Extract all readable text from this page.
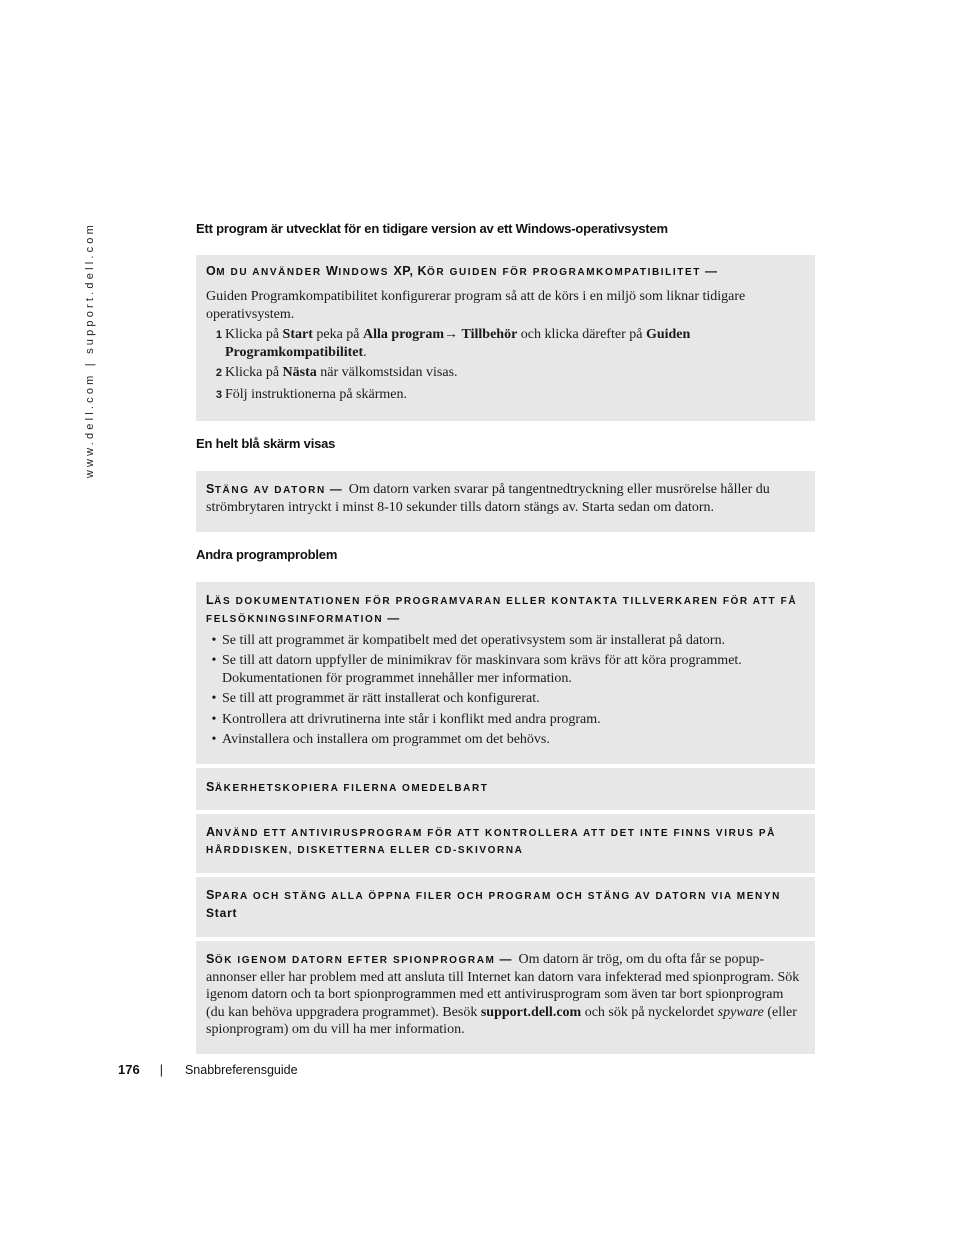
www.dell.com | support.dell.com	Ett program är utvecklat för en tidigare version av ett Windows-operativsystem
OM DU ANVÄNDER WINDOWS XP, KÖR GUIDEN FÖR PROGRAMKOMPATIBILITET —
Guiden Programkompatibilitet konfigurerar program så att de körs i en miljö som liknar tidigare operativsystem.
1 Klicka på Start peka på Alla program→ Tillbehör och klicka därefter på Guiden Programkompatibilitet.
2 Klicka på Nästa när välkomstsidan visas.
3 Följ instruktionerna på skärmen.
En helt blå skärm visas
STÄNG AV DATORN — Om datorn varken svarar på tangentnedtryckning eller musrörelse håller du strömbrytaren intryckt i minst 8-10 sekunder tills datorn stängs av. Starta sedan om datorn.
Andra programproblem
LÄS DOKUMENTATIONEN FÖR PROGRAMVARAN ELLER KONTAKTA TILLVERKAREN FÖR ATT FÅ FELSÖKNINGSINFORMATION —
• Se till att programmet är kompatibelt med det operativsystem som är installerat på datorn.
• Se till att datorn uppfyller de minimikrav för maskinvara som krävs för att köra programmet. Dokumentationen för programmet innehåller mer information.
• Se till att programmet är rätt installerat och konfigurerat.
• Kontrollera att drivrutinerna inte står i konflikt med andra program.
• Avinstallera och installera om programmet om det behövs.
SÄKERHETSKOPIERA FILERNA OMEDELBART
ANVÄND ETT ANTIVIRUSPROGRAM FÖR ATT KONTROLLERA ATT DET INTE FINNS VIRUS PÅ HÅRDDISKEN, DISKETTERNA ELLER CD-SKIVORNA
SPARA OCH STÄNG ALLA ÖPPNA FILER OCH PROGRAM OCH STÄNG AV DATORN VIA MENYN Start
SÖK IGENOM DATORN EFTER SPIONPROGRAM — Om datorn är trög, om du ofta får se popup-annonser eller har problem med att ansluta till Internet kan datorn vara infekterad med spionprogram. Sök igenom datorn och ta bort spionprogrammen med ett antivirusprogram som även tar bort spionprogram (du kan behöva uppgradera programmet). Besök support.dell.com och sök på nyckelordet spyware (eller spionprogram) om du vill ha mer information.
176 | Snabbreferensguide
